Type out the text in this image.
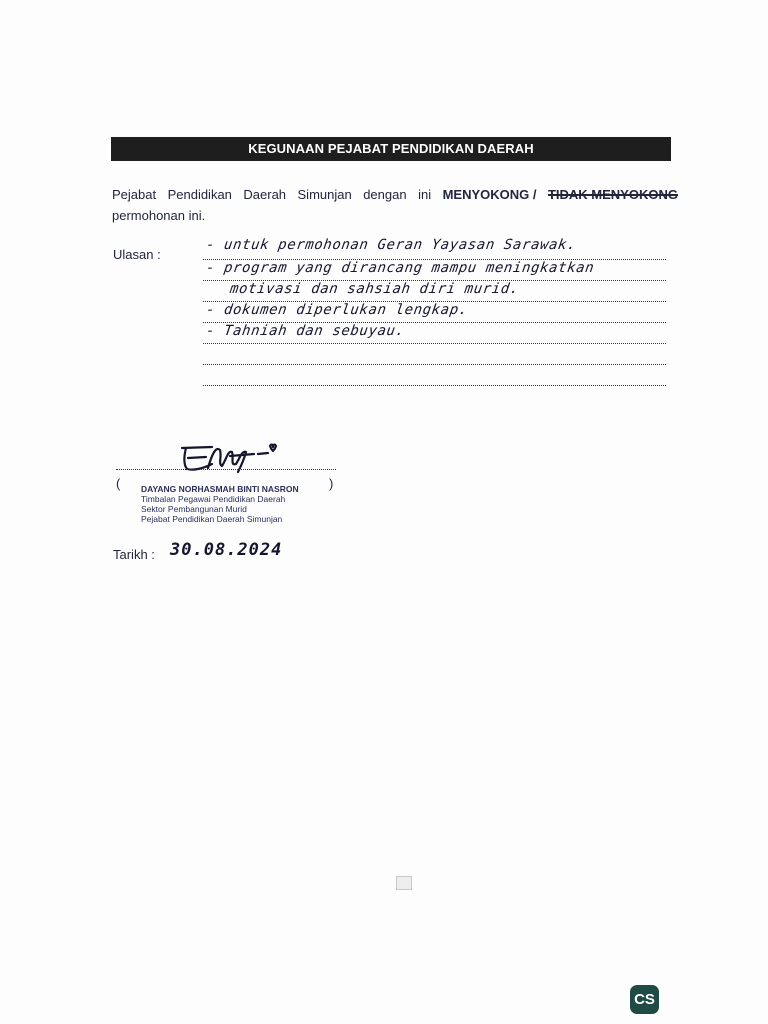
KEGUNAAN PEJABAT PENDIDIKAN DAERAH
Pejabat Pendidikan Daerah Simunjan dengan ini MENYOKONG / TIDAK MENYOKONG
permohonan ini.
Ulasan :
- untuk permohonan Geran Yayasan Sarawak.
- program yang dirancang mampu meningkatkan
motivasi dan sahsiah diri murid.
- dokumen diperlukan lengkap.
- Tahniah dan sebuyau.
(	)
DAYANG NORHASMAH BINTI NASRON
Timbalan Pegawai Pendidikan Daerah
Sektor Pembangunan Murid
Pejabat Pendidikan Daerah Simunjan
Tarikh : 30.08.2024
CS
